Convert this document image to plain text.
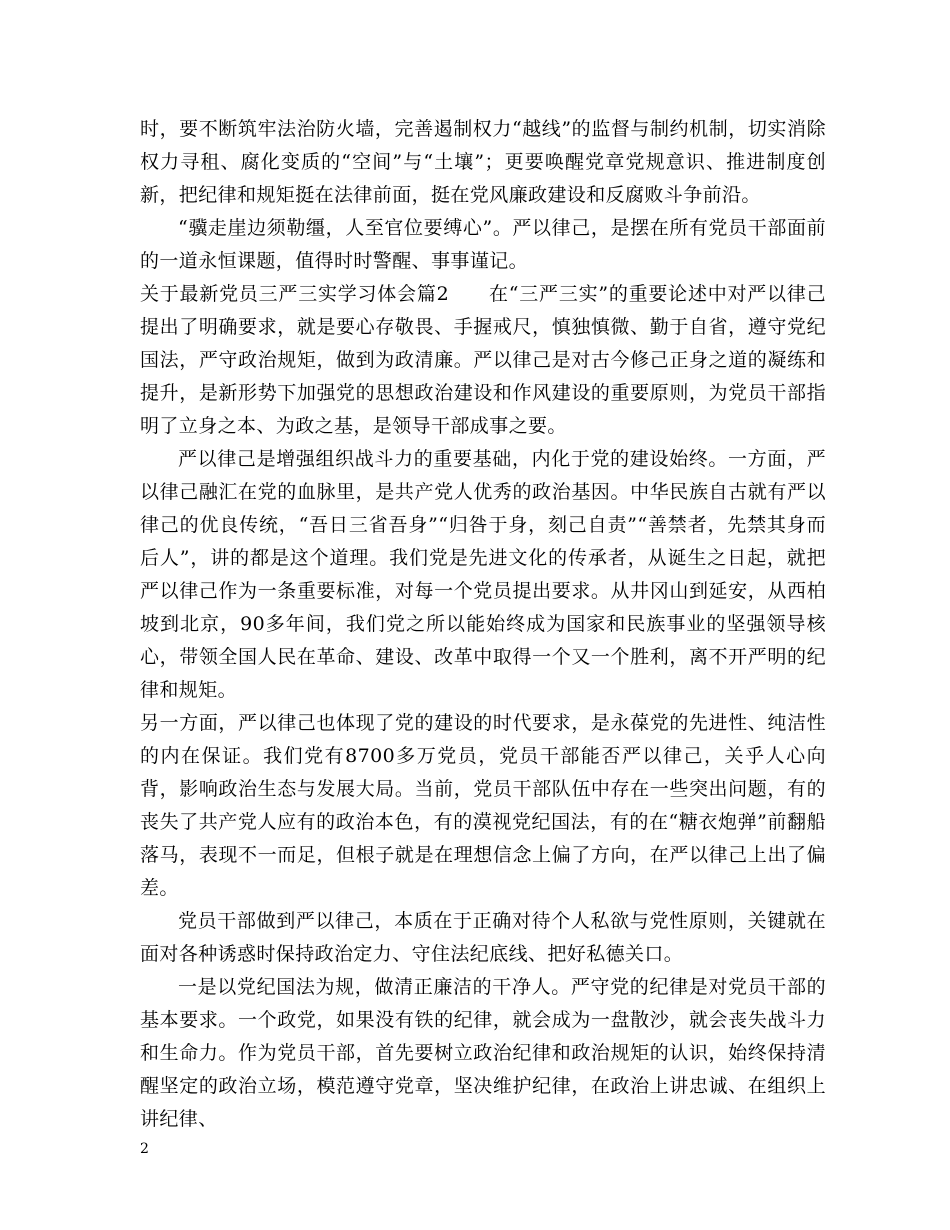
时，要不断筑牢法治防火墙，完善遏制权力“越线”的监督与制约机制，切实消除权力寻租、腐化变质的“空间”与“土壤”；更要唤醒党章党规意识、推进制度创新，把纪律和规矩挺在法律前面，挺在党风廉政建设和反腐败斗争前沿。

“骥走崖边须勒缰，人至官位要缚心”。严以律己，是摆在所有党员干部面前的一道永恒课题，值得时时警醒、事事谨记。

关于最新党员三严三实学习体会篇2　　在“三严三实”的重要论述中对严以律己提出了明确要求，就是要心存敬畏、手握戒尺，慎独慎微、勤于自省，遵守党纪国法，严守政治规矩，做到为政清廉。严以律己是对古今修己正身之道的凝练和提升，是新形势下加强党的思想政治建设和作风建设的重要原则，为党员干部指明了立身之本、为政之基，是领导干部成事之要。

严以律己是增强组织战斗力的重要基础，内化于党的建设始终。一方面，严以律己融汇在党的血脉里，是共产党人优秀的政治基因。中华民族自古就有严以律己的优良传统，“吾日三省吾身”“归咎于身，刻己自责”“善禁者，先禁其身而后人”，讲的都是这个道理。我们党是先进文化的传承者，从诞生之日起，就把严以律己作为一条重要标准，对每一个党员提出要求。从井冈山到延安，从西柏坡到北京，90多年间，我们党之所以能始终成为国家和民族事业的坚强领导核心，带领全国人民在革命、建设、改革中取得一个又一个胜利，离不开严明的纪律和规矩。

另一方面，严以律己也体现了党的建设的时代要求，是永葆党的先进性、纯洁性的内在保证。我们党有8700多万党员，党员干部能否严以律己，关乎人心向背，影响政治生态与发展大局。当前，党员干部队伍中存在一些突出问题，有的丧失了共产党人应有的政治本色，有的漠视党纪国法，有的在“糖衣炮弹”前翻船落马，表现不一而足，但根子就是在理想信念上偏了方向，在严以律己上出了偏差。

党员干部做到严以律己，本质在于正确对待个人私欲与党性原则，关键就在面对各种诱惑时保持政治定力、守住法纪底线、把好私德关口。

一是以党纪国法为规，做清正廉洁的干净人。严守党的纪律是对党员干部的基本要求。一个政党，如果没有铁的纪律，就会成为一盘散沙，就会丧失战斗力和生命力。作为党员干部，首先要树立政治纪律和政治规矩的认识，始终保持清醒坚定的政治立场，模范遵守党章，坚决维护纪律，在政治上讲忠诚、在组织上讲纪律、

2
